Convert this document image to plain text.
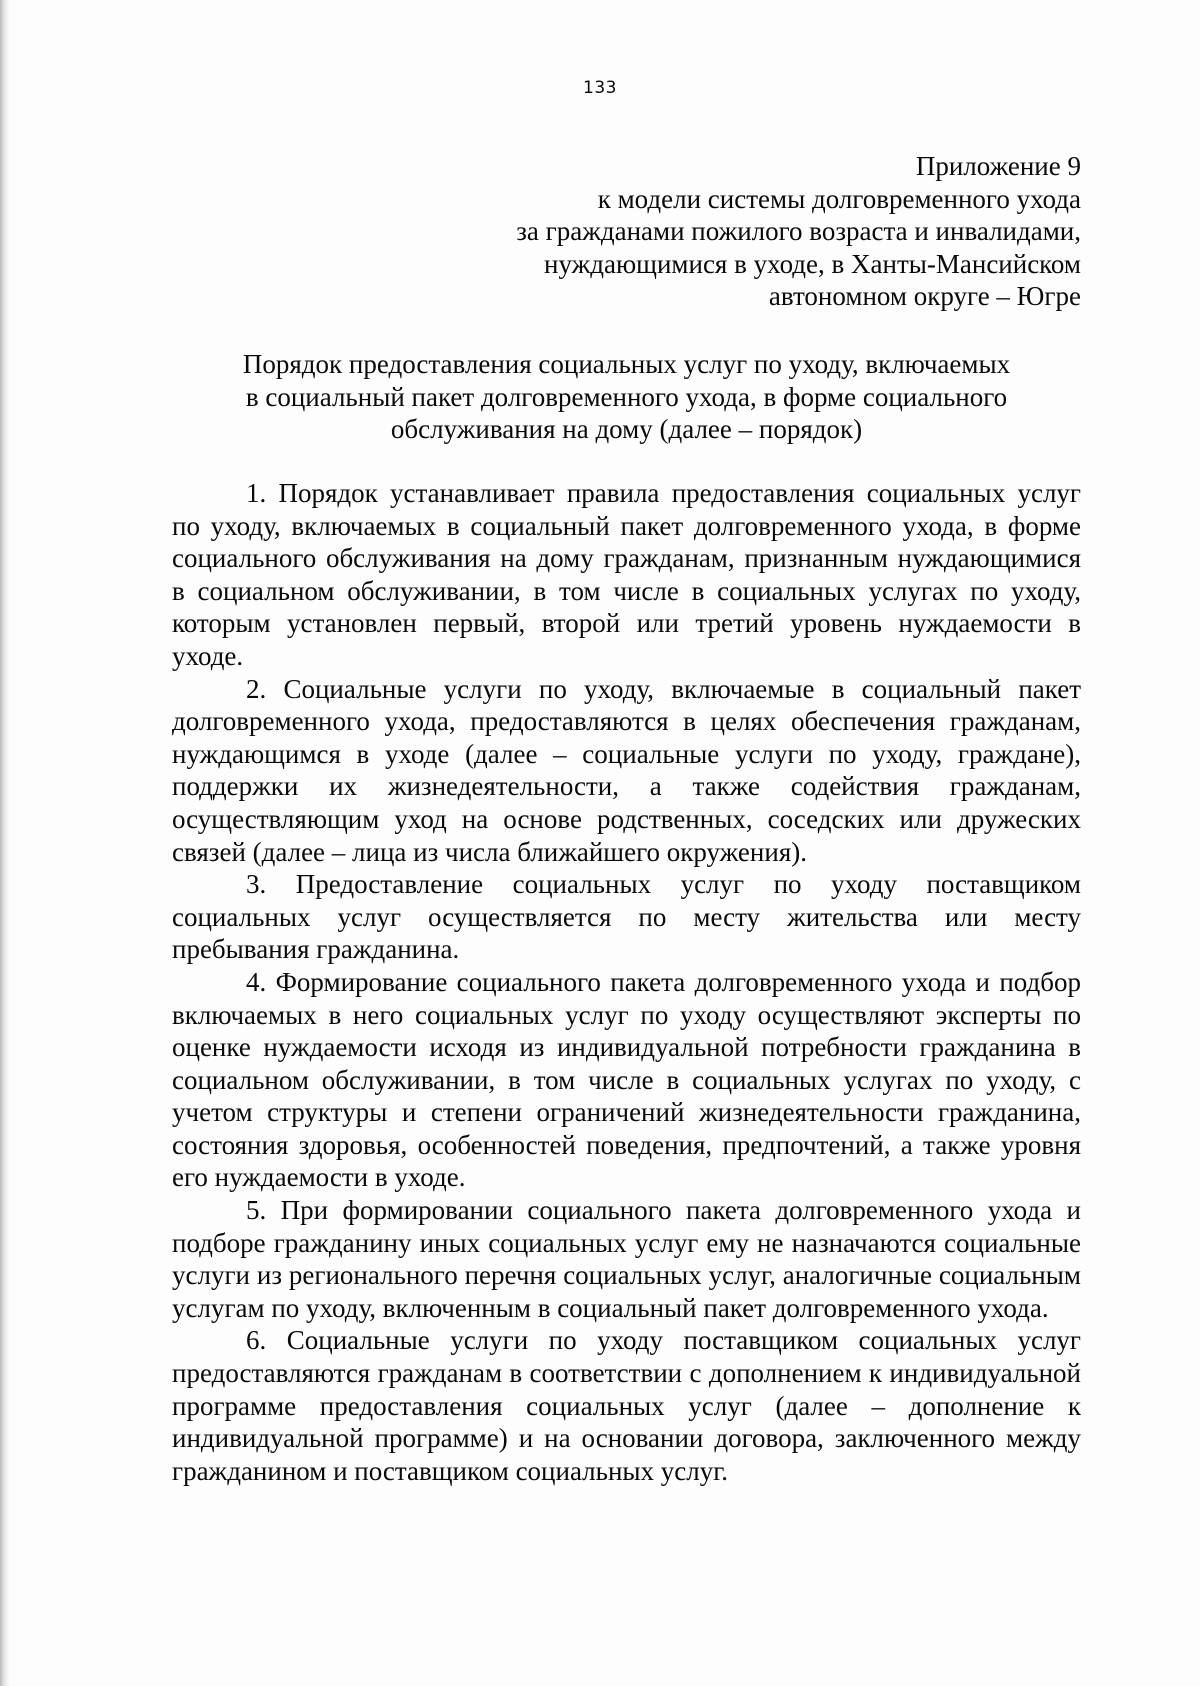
133
Приложение 9
к модели системы долговременного ухода
за гражданами пожилого возраста и инвалидами,
нуждающимися в уходе, в Ханты-Мансийском
автономном округе – Югре
Порядок предоставления социальных услуг по уходу, включаемых
в социальный пакет долговременного ухода, в форме социального
обслуживания на дому (далее – порядок)

1. Порядок устанавливает правила предоставления социальных услуг по уходу, включаемых в социальный пакет долговременного ухода, в форме социального обслуживания на дому гражданам, признанным нуждающимися в социальном обслуживании, в том числе в социальных услугах по уходу, которым установлен первый, второй или третий уровень нуждаемости в уходе.

2. Социальные услуги по уходу, включаемые в социальный пакет долговременного ухода, предоставляются в целях обеспечения гражданам, нуждающимся в уходе (далее – социальные услуги по уходу, граждане), поддержки их жизнедеятельности, а также содействия гражданам, осуществляющим уход на основе родственных, соседских или дружеских связей (далее – лица из числа ближайшего окружения).

3. Предоставление социальных услуг по уходу поставщиком социальных услуг осуществляется по месту жительства или месту пребывания гражданина.

4. Формирование социального пакета долговременного ухода и подбор включаемых в него социальных услуг по уходу осуществляют эксперты по оценке нуждаемости исходя из индивидуальной потребности гражданина в социальном обслуживании, в том числе в социальных услугах по уходу, с учетом структуры и степени ограничений жизнедеятельности гражданина, состояния здоровья, особенностей поведения, предпочтений, а также уровня его нуждаемости в уходе.

5. При формировании социального пакета долговременного ухода и подборе гражданину иных социальных услуг ему не назначаются социальные услуги из регионального перечня социальных услуг, аналогичные социальным услугам по уходу, включенным в социальный пакет долговременного ухода.

6. Социальные услуги по уходу поставщиком социальных услуг предоставляются гражданам в соответствии с дополнением к индивидуальной программе предоставления социальных услуг (далее – дополнение к индивидуальной программе) и на основании договора, заключенного между гражданином и поставщиком социальных услуг.
